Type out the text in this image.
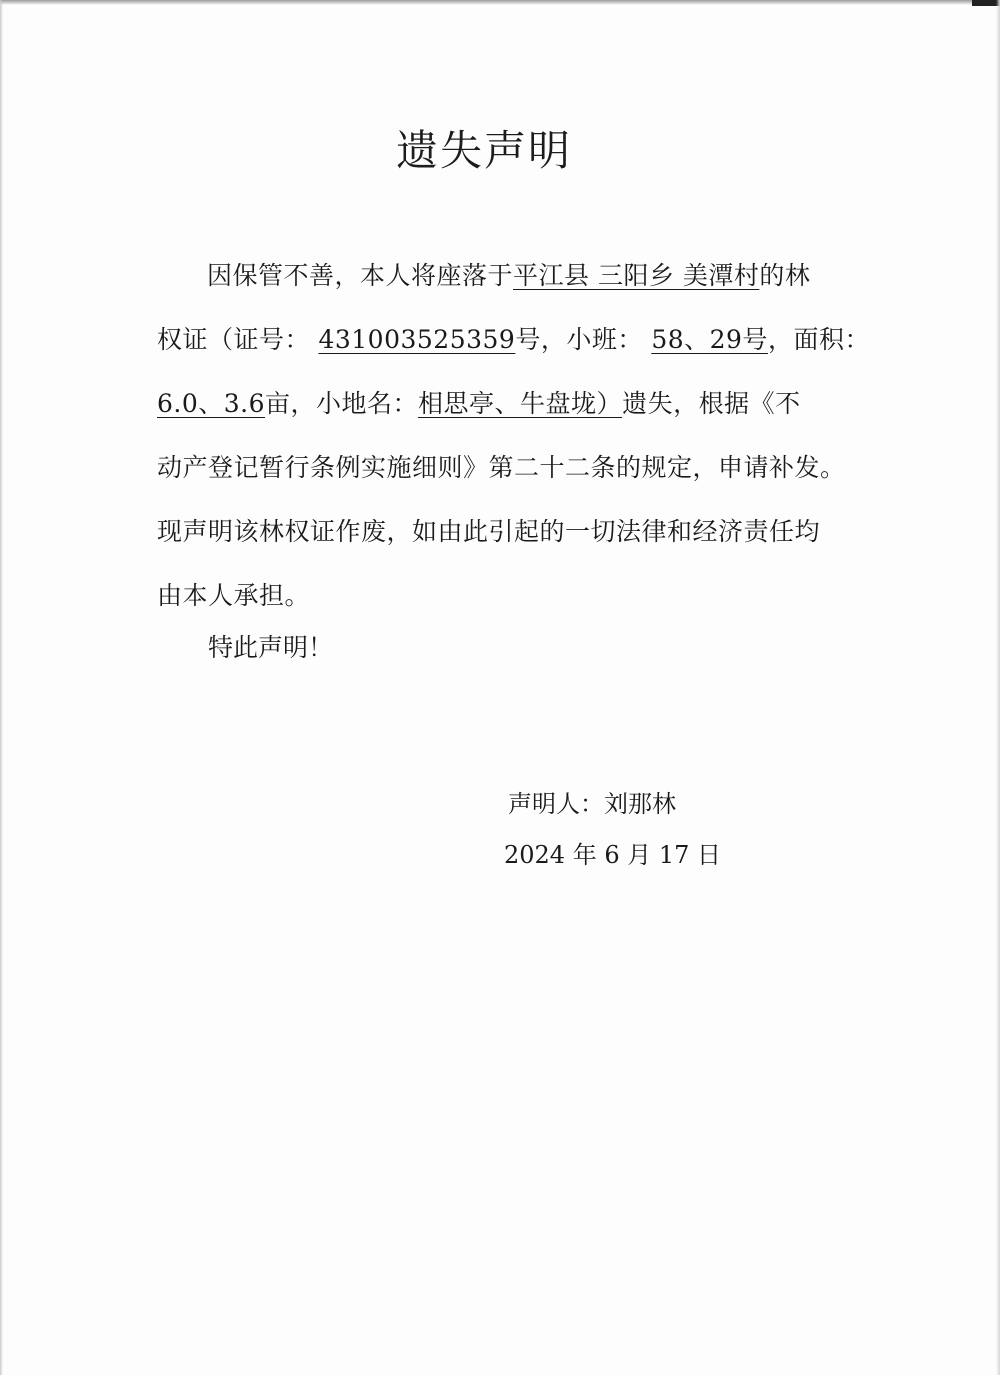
遗失声明
因保管不善，本人将座落于平江县 三阳乡 美潭村的林
权证（证号： 431003525359号，小班： 58、29号，面积：
6.0、3.6亩，小地名：相思亭、牛盘垅）遗失，根据《不
动产登记暂行条例实施细则》第二十二条的规定，申请补发。
现声明该林权证作废，如由此引起的一切法律和经济责任均
由本人承担。
特此声明！
声明人：刘那林
2024 年 6 月 17 日
